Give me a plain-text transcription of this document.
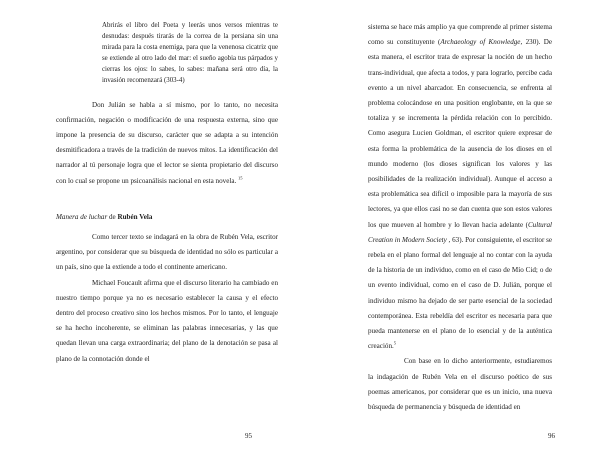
Abrirás el libro del Poeta y leerás unos versos mientras te desnudas: después tirarás de la correa de la persiana sin una mirada para la costa enemiga, para que la venenosa cicatriz que se extiende al otro lado del mar: el sueño agobia tus párpados y cierras los ojos: lo sabes, lo sabes: mañana será otro día, la invasión recomenzará (303-4)

Don Julián se habla a sí mismo, por lo tanto, no necesita confirmación, negación o modificación de una respuesta externa, sino que impone la presencia de su discurso, carácter que se adapta a su intención desmitificadora a través de la tradición de nuevos mitos. La identificación del narrador al tú personaje logra que el lector se sienta propietario del discurso con lo cual se propone un psicoanálisis nacional en esta novela. $^{15}$

Manera de luchar de Rubén Vela

Como tercer texto se indagará en la obra de Rubén Vela, escritor argentino, por considerar que su búsqueda de identidad no sólo es particular a un país, sino que la extiende a todo el continente americano.

Michael Foucault afirma que el discurso literario ha cambiado en nuestro tiempo porque ya no es necesario establecer la causa y el efecto dentro del proceso creativo sino los hechos mismos. Por lo tanto, el lenguaje se ha hecho incoherente, se eliminan las palabras innecesarias, y las que quedan llevan una carga extraordinaria; del plano de la denotación se pasa al plano de la connotación donde el

95

sistema se hace más amplio ya que comprende al primer sistema como su constituyente (Archaeology of Knowledge, 230). De esta manera, el escritor trata de expresar la noción de un hecho trans-individual, que afecta a todos, y para lograrlo, percibe cada evento a un nivel abarcador. En consecuencia, se enfrenta al problema colocándose en una position englobante, en la que se totaliza y se incrementa la pérdida relación con lo percibido. Como asegura Lucien Goldman, el escritor quiere expresar de esta forma la problemática de la ausencia de los dioses en el mundo moderno (los dioses significan los valores y las posibilidades de la realización individual). Aunque el acceso a esta problemática sea difícil o imposible para la mayoría de sus lectores, ya que ellos casi no se dan cuenta que son estos valores los que mueven al hombre y lo llevan hacia adelante (Cultural Creation in Modern Society , 63). Por consiguiente, el escritor se rebela en el plano formal del lenguaje al no contar con la ayuda de la historia de un individuo, como en el caso de Mío Cid; o de un evento individual, como en el caso de D. Julián, porque el individuo mismo ha dejado de ser parte esencial de la sociedad contemporánea. Esta rebeldía del escritor es necesaria para que pueda mantenerse en el plano de lo esencial y de la auténtica creación.$^5$

Con base en lo dicho anteriormente, estudiaremos la indagación de Rubén Vela en el discurso poético de sus poemas americanos, por considerar que es un inicio, una nueva búsqueda de permanencia y búsqueda de identidad en

96
